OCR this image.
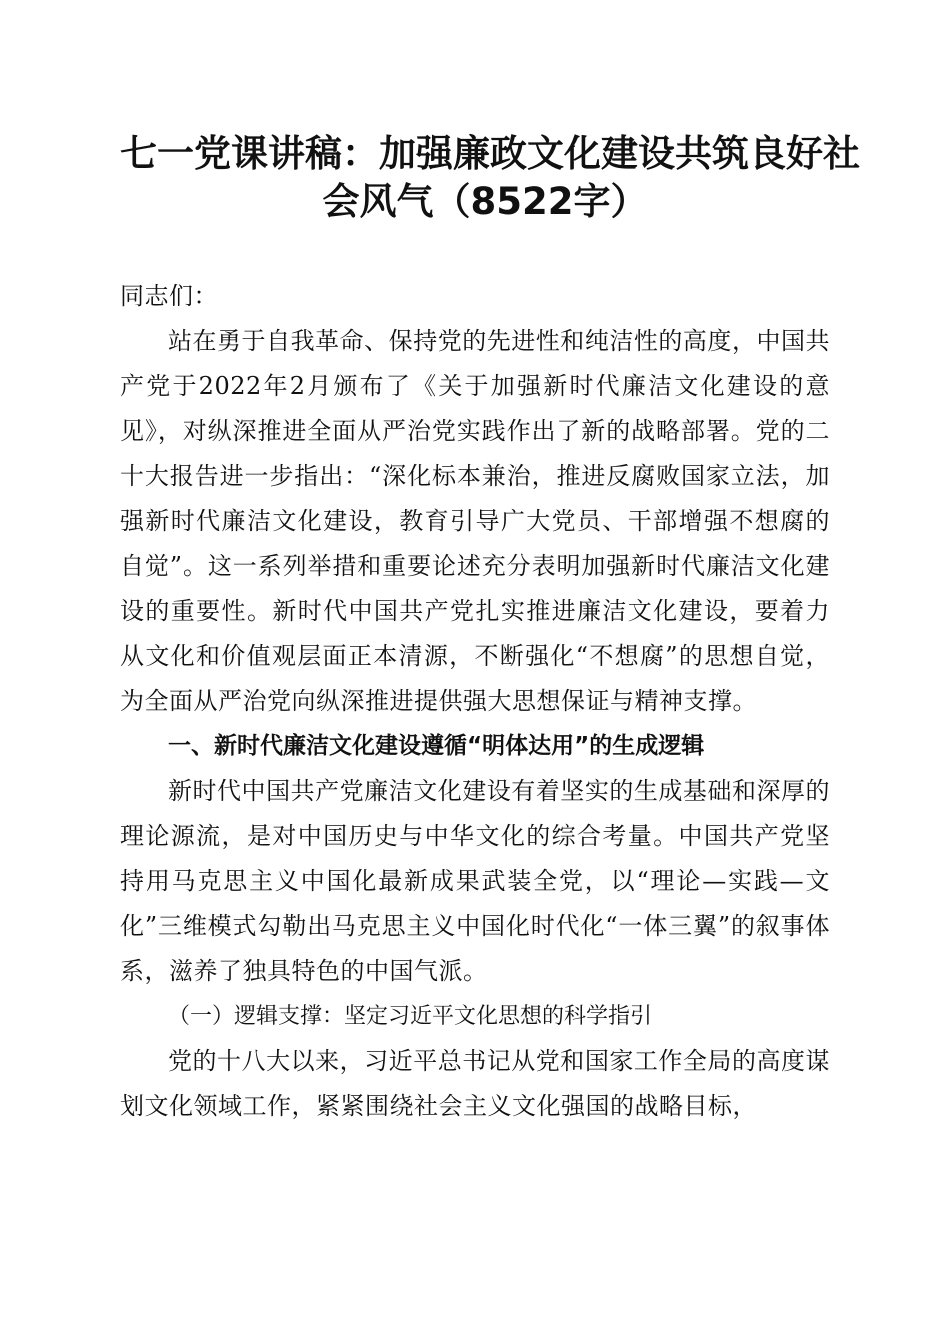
七一党课讲稿：加强廉政文化建设共筑良好社
会风气（8522字）

同志们：

站在勇于自我革命、保持党的先进性和纯洁性的高度，中国共产党于2022年2月颁布了《关于加强新时代廉洁文化建设的意见》，对纵深推进全面从严治党实践作出了新的战略部署。党的二十大报告进一步指出：“深化标本兼治，推进反腐败国家立法，加强新时代廉洁文化建设，教育引导广大党员、干部增强不想腐的自觉”。这一系列举措和重要论述充分表明加强新时代廉洁文化建设的重要性。新时代中国共产党扎实推进廉洁文化建设，要着力从文化和价值观层面正本清源，不断强化“不想腐”的思想自觉，为全面从严治党向纵深推进提供强大思想保证与精神支撑。

一、新时代廉洁文化建设遵循“明体达用”的生成逻辑

新时代中国共产党廉洁文化建设有着坚实的生成基础和深厚的理论源流，是对中国历史与中华文化的综合考量。中国共产党坚持用马克思主义中国化最新成果武装全党，以“理论—实践—文化”三维模式勾勒出马克思主义中国化时代化“一体三翼”的叙事体系，滋养了独具特色的中国气派。

（一）逻辑支撑：坚定习近平文化思想的科学指引

党的十八大以来，习近平总书记从党和国家工作全局的高度谋划文化领域工作，紧紧围绕社会主义文化强国的战略目标，
